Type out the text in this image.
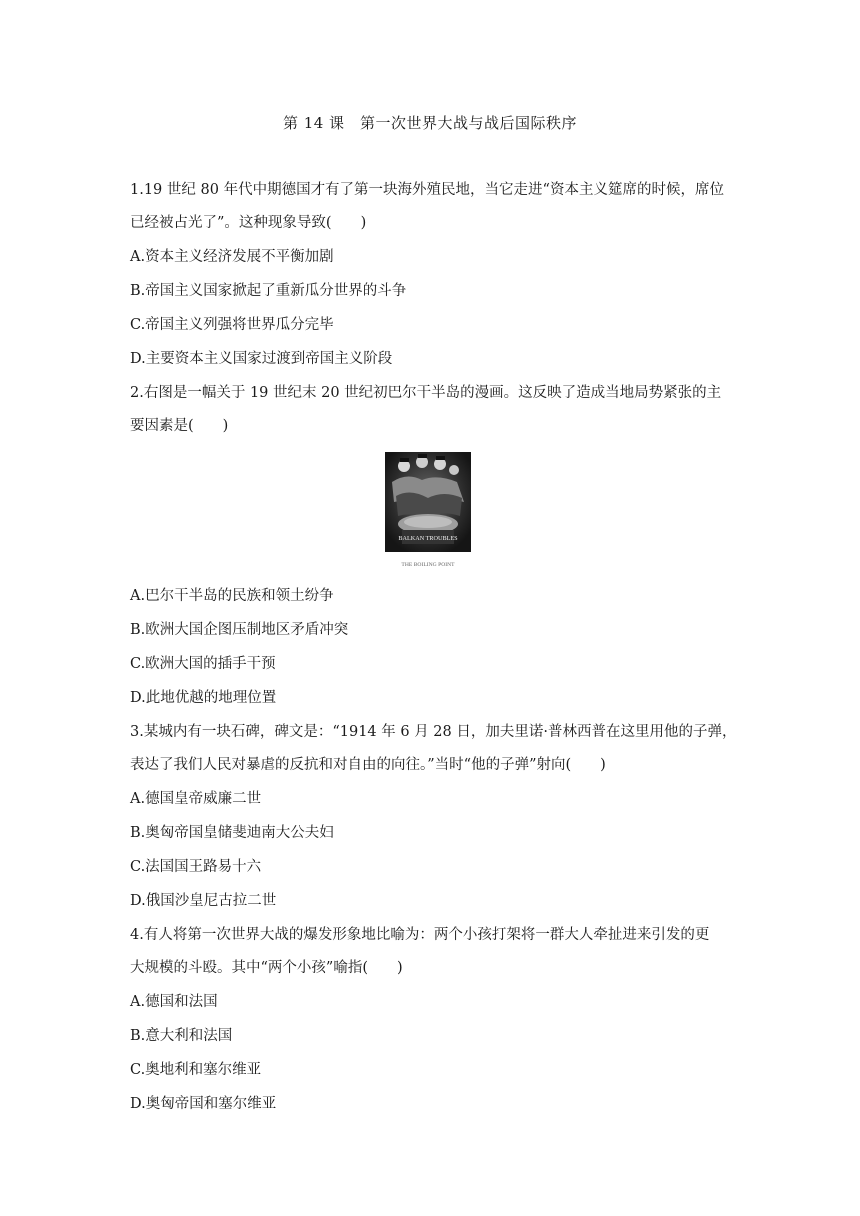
第 14 课　第一次世界大战与战后国际秩序
1.19 世纪 80 年代中期德国才有了第一块海外殖民地，当它走进“资本主义筵席的时候，席位
已经被占光了”。这种现象导致(　　)
A.资本主义经济发展不平衡加剧
B.帝国主义国家掀起了重新瓜分世界的斗争
C.帝国主义列强将世界瓜分完毕
D.主要资本主义国家过渡到帝国主义阶段
2.右图是一幅关于 19 世纪末 20 世纪初巴尔干半岛的漫画。这反映了造成当地局势紧张的主
要因素是(　　)
BALKAN TROUBLES
THE BOILING POINT
A.巴尔干半岛的民族和领土纷争
B.欧洲大国企图压制地区矛盾冲突
C.欧洲大国的插手干预
D.此地优越的地理位置
3.某城内有一块石碑，碑文是：“1914 年 6 月 28 日，加夫里诺·普林西普在这里用他的子弹，
表达了我们人民对暴虐的反抗和对自由的向往。”当时“他的子弹”射向(　　)
A.德国皇帝威廉二世
B.奥匈帝国皇储斐迪南大公夫妇
C.法国国王路易十六
D.俄国沙皇尼古拉二世
4.有人将第一次世界大战的爆发形象地比喻为：两个小孩打架将一群大人牵扯进来引发的更
大规模的斗殴。其中“两个小孩”喻指(　　)
A.德国和法国
B.意大利和法国
C.奥地利和塞尔维亚
D.奥匈帝国和塞尔维亚
